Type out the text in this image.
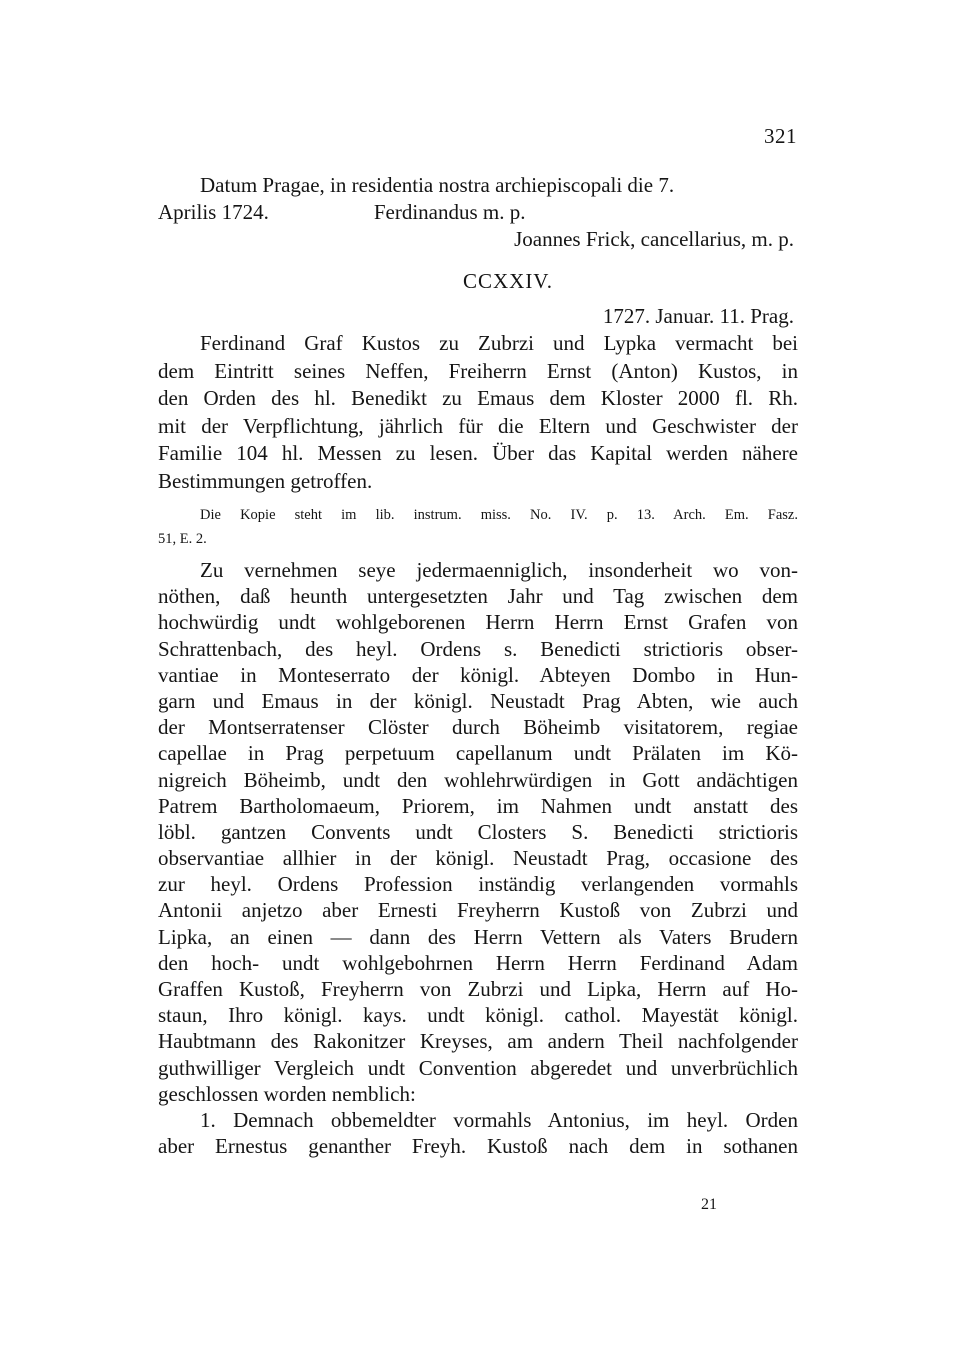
321
Datum Pragae, in residentia nostra archiepiscopali die 7.
Aprilis 1724.                    Ferdinandus m. p.
Joannes Frick, cancellarius, m. p.
CCXXIV.
1727. Januar. 11. Prag.
Ferdinand Graf Kustos zu Zubrzi und Lypka vermacht bei
dem Eintritt seines Neffen, Freiherrn Ernst (Anton) Kustos, in
den Orden des hl. Benedikt zu Emaus dem Kloster 2000 fl. Rh.
mit der Verpflichtung, jährlich für die Eltern und Geschwister der
Familie 104 hl. Messen zu lesen. Über das Kapital werden nähere
Bestimmungen getroffen.
Die Kopie steht im lib. instrum. miss. No. IV. p. 13. Arch. Em. Fasz.
51, E. 2.
Zu vernehmen seye jedermaenniglich, insonderheit wo von-
nöthen, daß heunth untergesetzten Jahr und Tag zwischen dem
hochwürdig undt wohlgeborenen Herrn Herrn Ernst Grafen von
Schrattenbach, des heyl. Ordens s. Benedicti strictioris obser-
vantiae in Monteserrato der königl. Abteyen Dombo in Hun-
garn und Emaus in der königl. Neustadt Prag Abten, wie auch
der Montserratenser Clöster durch Böheimb visitatorem, regiae
capellae in Prag perpetuum capellanum undt Prälaten im Kö-
nigreich Böheimb, undt den wohlehrwürdigen in Gott andächtigen
Patrem Bartholomaeum, Priorem, im Nahmen undt anstatt des
löbl. gantzen Convents undt Closters S. Benedicti strictioris
observantiae allhier in der königl. Neustadt Prag, occasione des
zur heyl. Ordens Profession inständig verlangenden vormahls
Antonii anjetzo aber Ernesti Freyherrn Kustoß von Zubrzi und
Lipka, an einen — dann des Herrn Vettern als Vaters Brudern
den hoch- undt wohlgebohrnen Herrn Herrn Ferdinand Adam
Graffen Kustoß, Freyherrn von Zubrzi und Lipka, Herrn auf Ho-
staun, Ihro königl. kays. undt königl. cathol. Mayestät königl.
Haubtmann des Rakonitzer Kreyses, am andern Theil nachfolgender
guthwilliger Vergleich undt Convention abgeredet und unverbrüchlich
geschlossen worden nemblich:
1. Demnach obbemeldter vormahls Antonius, im heyl. Orden
aber Ernestus genanther Freyh. Kustoß nach dem in sothanen
21
